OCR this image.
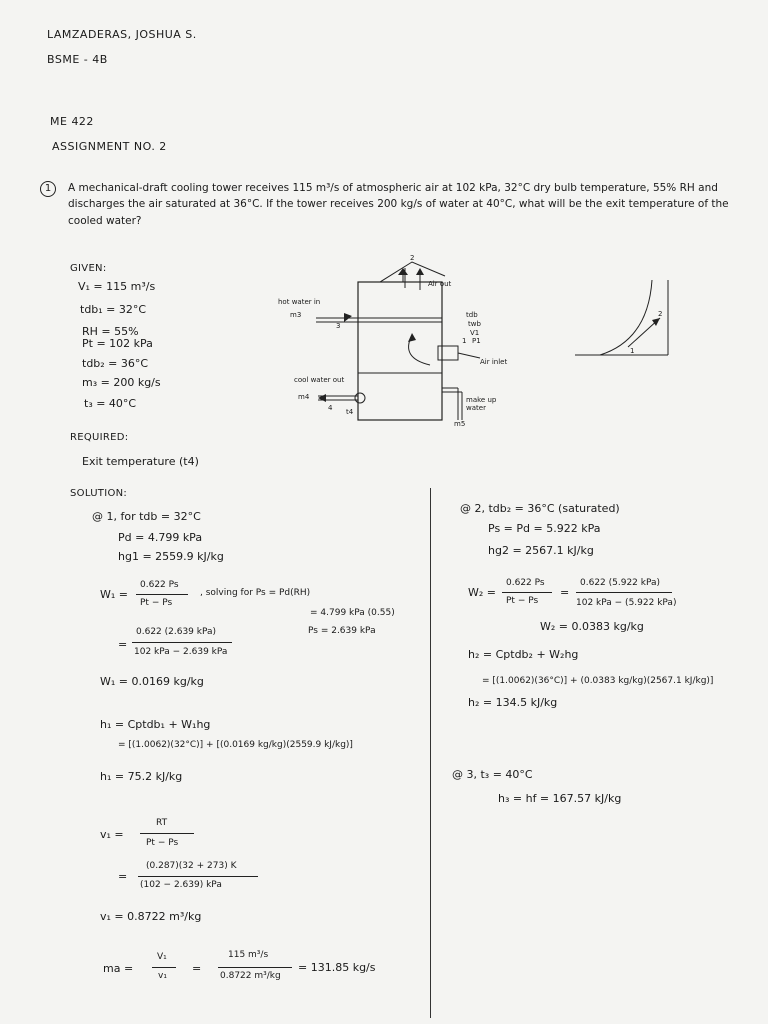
LAMZADERAS, JOSHUA S.
BSME - 4B
ME 422
ASSIGNMENT NO. 2
1	A mechanical-draft cooling tower receives 115 m³/s of atmospheric air at 102 kPa, 32°C dry bulb temperature, 55% RH and discharges the air saturated at 36°C. If the tower receives 200 kg/s of water at 40°C, what will be the exit temperature of the cooled water?
GIVEN:
V₁ = 115 m³/s
tdb₁ = 32°C
RH = 55%
Pt = 102 kPa
tdb₂ = 36°C
m₃ = 200 kg/s
t₃ = 40°C
hot water in
m3
Air out
2
3
tdb
twb
V1
1 P1
Air inlet
cool water out
m4
4 t4
make up water
m5
2
1
REQUIRED:
Exit temperature (t4)
SOLUTION:
@ 1, for tdb = 32°C
Pd = 4.799 kPa
hg1 = 2559.9 kJ/kg
W₁ =
0.622 Ps
Pt − Ps
, solving for Ps = Pd(RH)
= 4.799 kPa (0.55)
Ps = 2.639 kPa
=
0.622 (2.639 kPa)
102 kPa − 2.639 kPa
W₁ = 0.0169 kg/kg
h₁ = Cptdb₁ + W₁hg
= [(1.0062)(32°C)] + [(0.0169 kg/kg)(2559.9 kJ/kg)]
h₁ = 75.2 kJ/kg
v₁ =
RT
Pt − Ps
=
(0.287)(32 + 273) K
(102 − 2.639) kPa
v₁ = 0.8722 m³/kg
ma =
V₁
v₁
=
115 m³/s
0.8722 m³/kg
= 131.85 kg/s
@ 2, tdb₂ = 36°C (saturated)
Ps = Pd = 5.922 kPa
hg2 = 2567.1 kJ/kg
W₂ =
0.622 Ps
Pt − Ps
=
0.622 (5.922 kPa)
102 kPa − (5.922 kPa)
W₂ = 0.0383 kg/kg
h₂ = Cptdb₂ + W₂hg
= [(1.0062)(36°C)] + (0.0383 kg/kg)(2567.1 kJ/kg)]
h₂ = 134.5 kJ/kg
@ 3, t₃ = 40°C
h₃ = hf = 167.57 kJ/kg
